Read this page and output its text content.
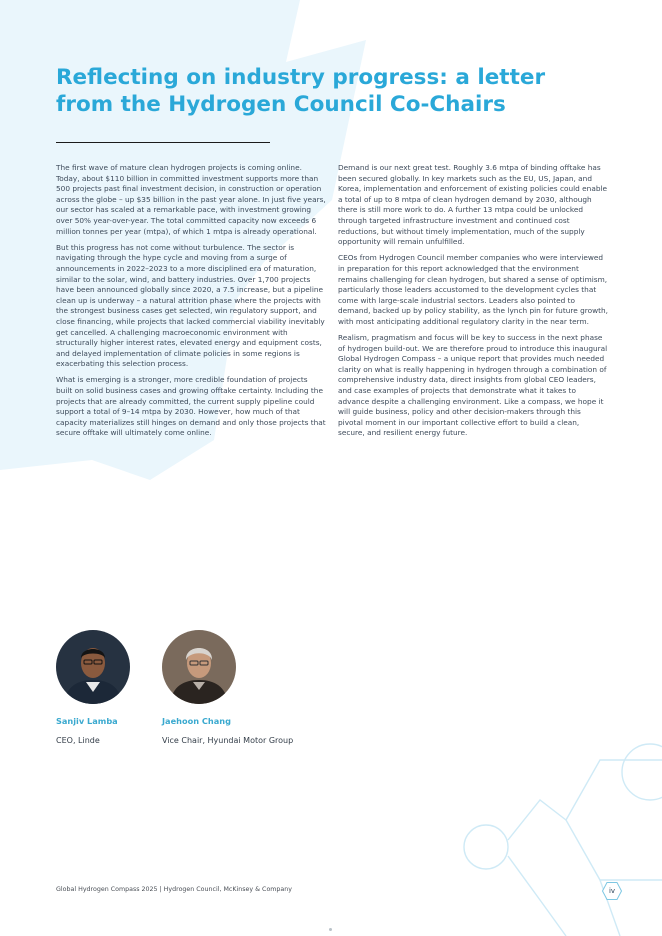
Reflecting on industry progress: a letter from the Hydrogen Council Co-Chairs

The first wave of mature clean hydrogen projects is coming online. Today, about $110 billion in committed investment supports more than 500 projects past final investment decision, in construction or operation across the globe – up $35 billion in the past year alone. In just five years, our sector has scaled at a remarkable pace, with investment growing over 50% year-over-year. The total committed capacity now exceeds 6 million tonnes per year (mtpa), of which 1 mtpa is already operational.

But this progress has not come without turbulence. The sector is navigating through the hype cycle and moving from a surge of announcements in 2022–2023 to a more disciplined era of maturation, similar to the solar, wind, and battery industries. Over 1,700 projects have been announced globally since 2020, a 7.5 increase, but a pipeline clean up is underway – a natural attrition phase where the projects with the strongest business cases get selected, win regulatory support, and close financing, while projects that lacked commercial viability inevitably get cancelled. A challenging macroeconomic environment with structurally higher interest rates, elevated energy and equipment costs, and delayed implementation of climate policies in some regions is exacerbating this selection process.

What is emerging is a stronger, more credible foundation of projects built on solid business cases and growing offtake certainty. Including the projects that are already committed, the current supply pipeline could support a total of 9–14 mtpa by 2030. However, how much of that capacity materializes still hinges on demand and only those projects that secure offtake will ultimately come online.

Demand is our next great test. Roughly 3.6 mtpa of binding offtake has been secured globally. In key markets such as the EU, US, Japan, and Korea, implementation and enforcement of existing policies could enable a total of up to 8 mtpa of clean hydrogen demand by 2030, although there is still more work to do. A further 13 mtpa could be unlocked through targeted infrastructure investment and continued cost reductions, but without timely implementation, much of the supply opportunity will remain unfulfilled.

CEOs from Hydrogen Council member companies who were interviewed in preparation for this report acknowledged that the environment remains challenging for clean hydrogen, but shared a sense of optimism, particularly those leaders accustomed to the development cycles that come with large-scale industrial sectors. Leaders also pointed to demand, backed up by policy stability, as the lynch pin for future growth, with most anticipating additional regulatory clarity in the near term.

Realism, pragmatism and focus will be key to success in the next phase of hydrogen build-out. We are therefore proud to introduce this inaugural Global Hydrogen Compass – a unique report that provides much needed clarity on what is really happening in hydrogen through a combination of comprehensive industry data, direct insights from global CEO leaders, and case examples of projects that demonstrate what it takes to advance despite a challenging environment. Like a compass, we hope it will guide business, policy and other decision-makers through this pivotal moment in our important collective effort to build a clean, secure, and resilient energy future.

Sanjiv Lamba
CEO, Linde
Jaehoon Chang
Vice Chair, Hyundai Motor Group
Global Hydrogen Compass 2025 | Hydrogen Council, McKinsey & Company	iv
